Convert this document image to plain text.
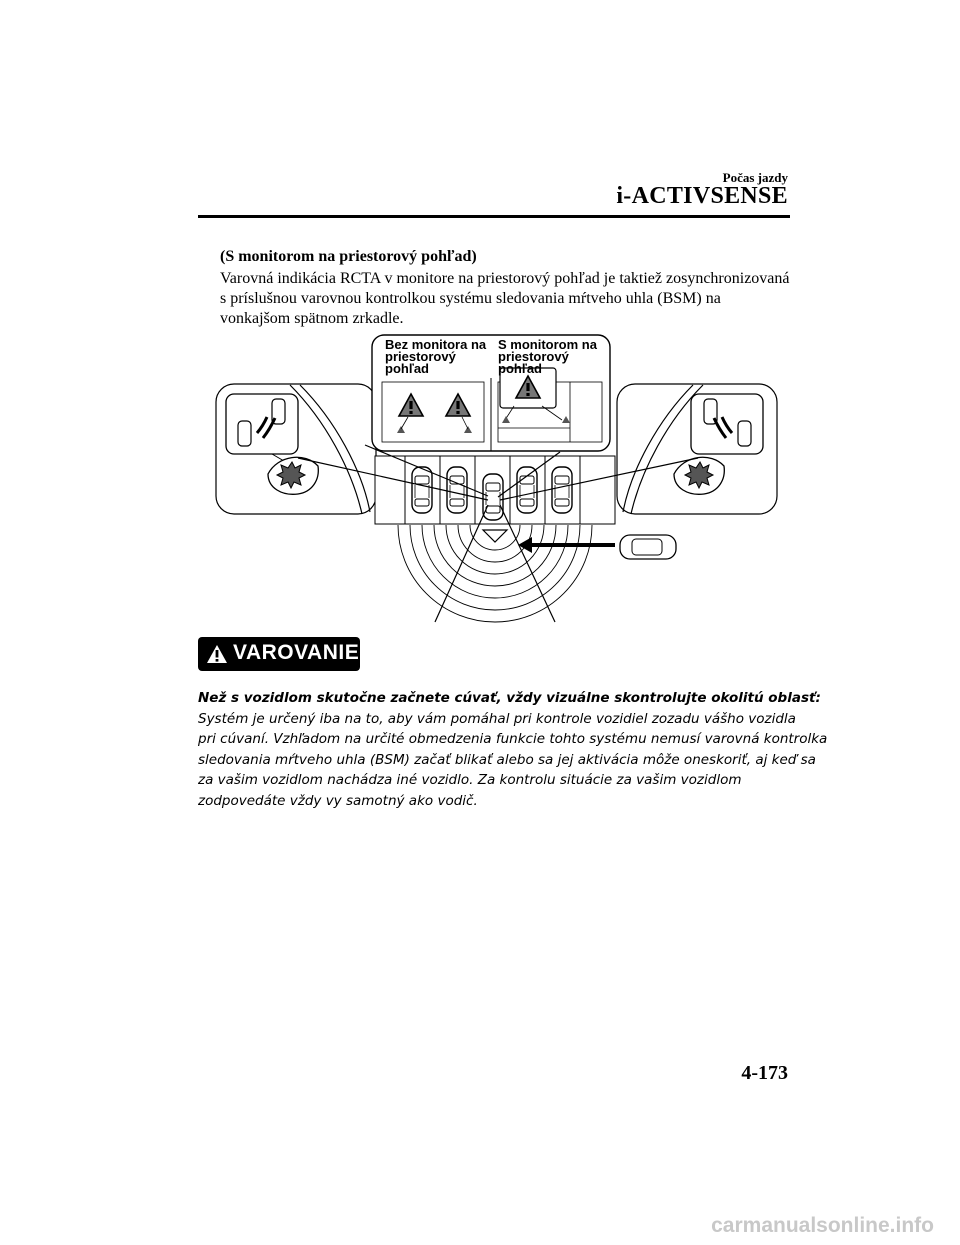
Počas jazdy
i-ACTIVSENSE
(S monitorom na priestorový pohľad)
Varovná indikácia RCTA v monitore na priestorový pohľad je taktiež zosynchronizovaná
s príslušnou varovnou kontrolkou systému sledovania mŕtveho uhla (BSM) na
vonkajšom spätnom zrkadle.
Bez monitora na
priestorový
pohľad
S monitorom na
priestorový
pohľad
VAROVANIE
Než s vozidlom skutočne začnete cúvať, vždy vizuálne skontrolujte okolitú oblasť:
Systém je určený iba na to, aby vám pomáhal pri kontrole vozidiel zozadu vášho vozidla
pri cúvaní. Vzhľadom na určité obmedzenia funkcie tohto systému nemusí varovná kontrolka
sledovania mŕtveho uhla (BSM) začať blikať alebo sa jej aktivácia môže oneskoriť, aj keď sa
za vašim vozidlom nachádza iné vozidlo. Za kontrolu situácie za vašim vozidlom
zodpovedáte vždy vy samotný ako vodič.
4-173
carmanualsonline.info
